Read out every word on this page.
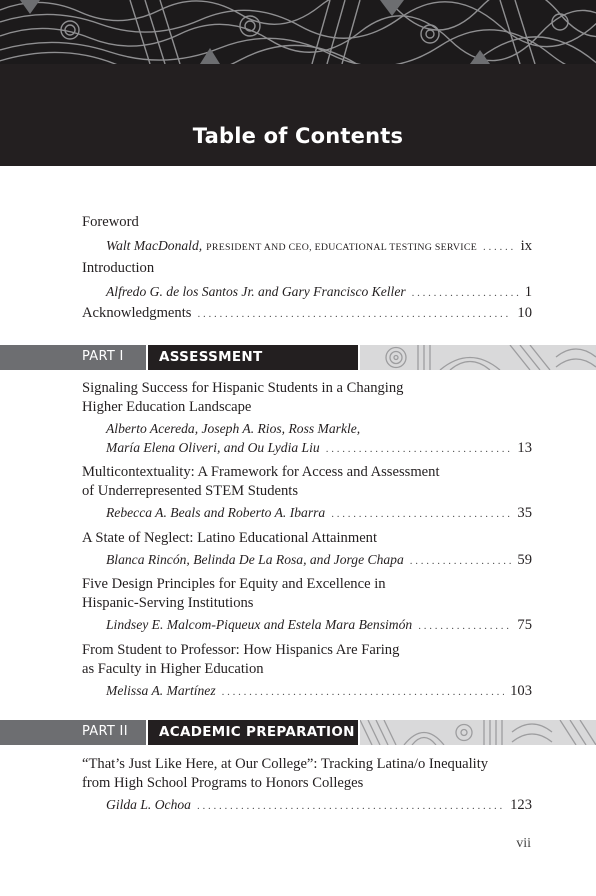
Table of Contents
Foreword
Walt MacDonald, PRESIDENT AND CEO, EDUCATIONAL TESTING SERVICE . . .	ix
Introduction
Alfredo G. de los Santos Jr. and Gary Francisco Keller . . .	1
Acknowledgments . . .	10
PART I	ASSESSMENT
Signaling Success for Hispanic Students in a Changing
Higher Education Landscape
Alberto Acereda, Joseph A. Rios, Ross Markle,
María Elena Oliveri, and Ou Lydia Liu . . .	13
Multicontextuality: A Framework for Access and Assessment
of Underrepresented STEM Students
Rebecca A. Beals and Roberto A. Ibarra . . .	35
A State of Neglect: Latino Educational Attainment
Blanca Rincón, Belinda De La Rosa, and Jorge Chapa . . .	59
Five Design Principles for Equity and Excellence in
Hispanic-Serving Institutions
Lindsey E. Malcom-Piqueux and Estela Mara Bensimón . . .	75
From Student to Professor: How Hispanics Are Faring
as Faculty in Higher Education
Melissa A. Martínez . . .	103
PART II ACADEMIC PREPARATION
“That’s Just Like Here, at Our College”: Tracking Latina/o Inequality
from High School Programs to Honors Colleges
Gilda L. Ochoa . . .	123
vii
